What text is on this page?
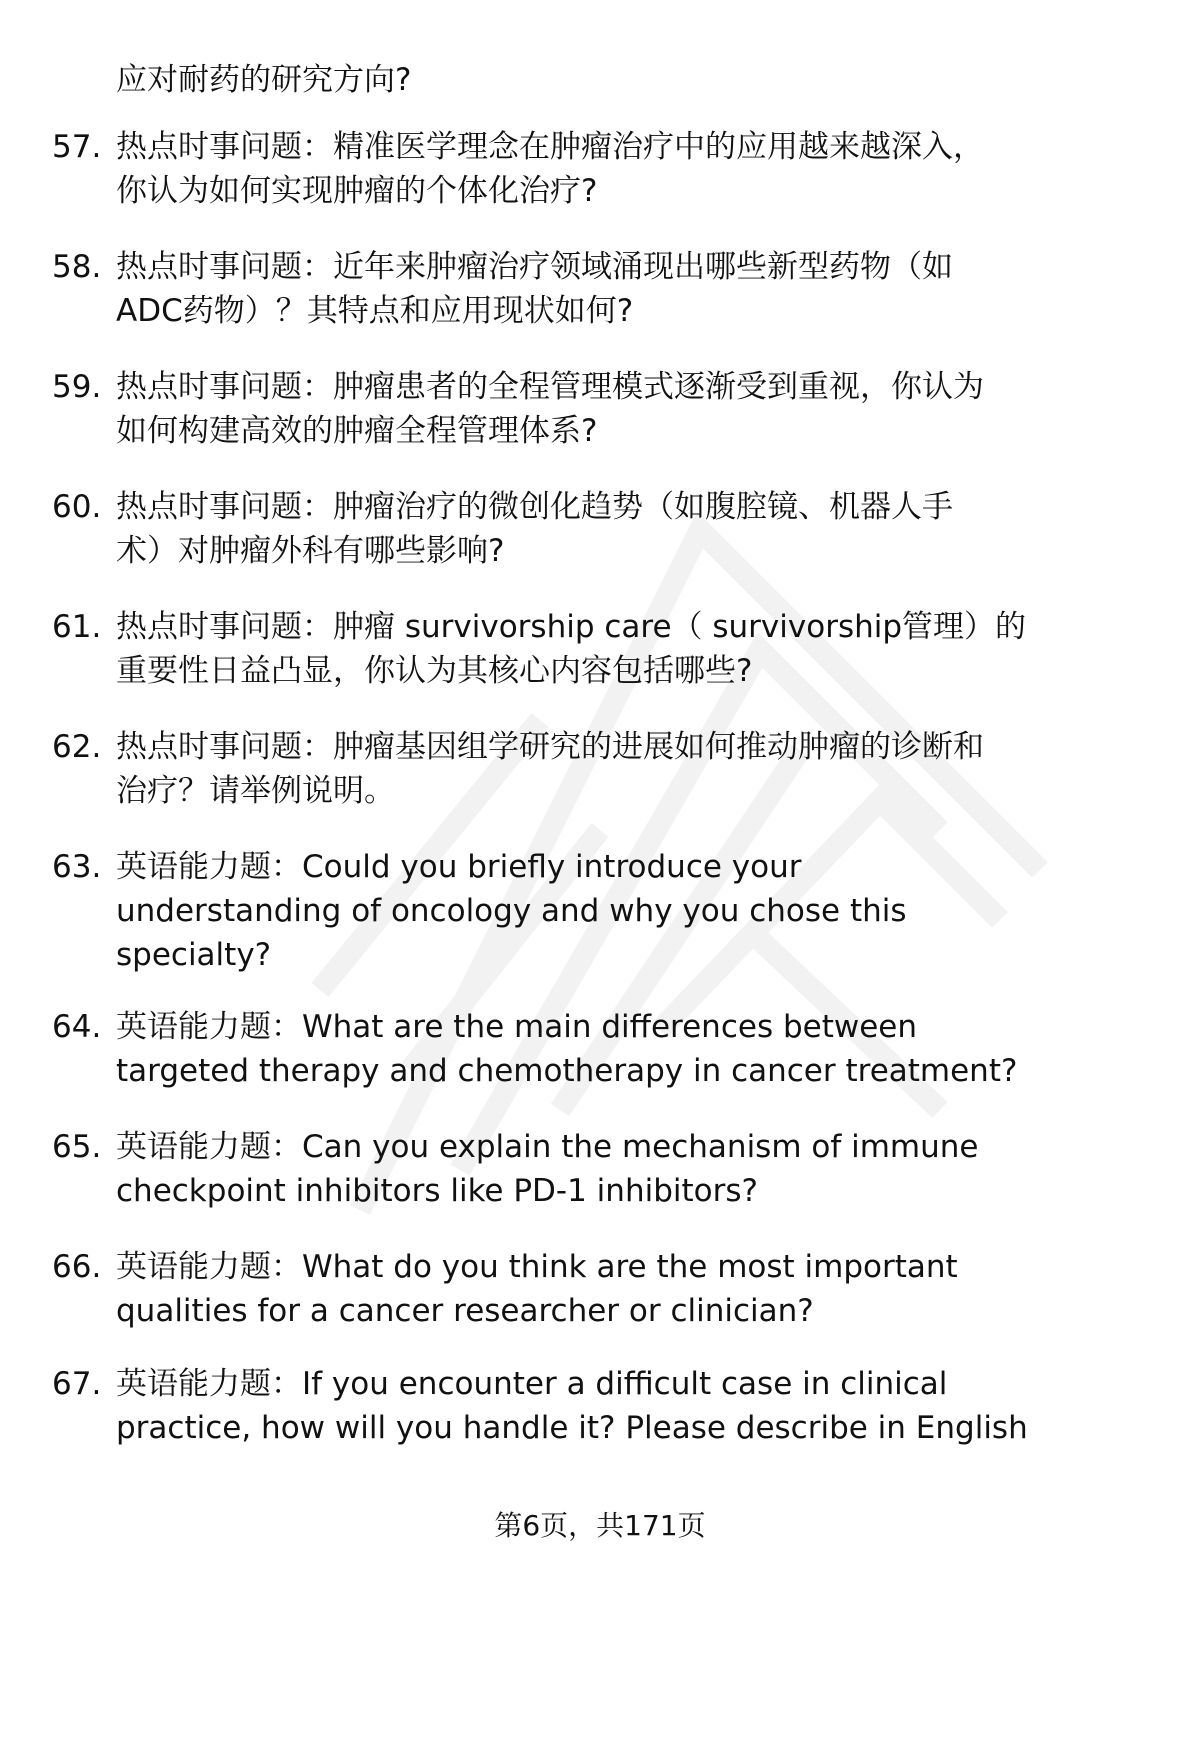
应对耐药的研究方向?
57. 热点时事问题：精准医学理念在肿瘤治疗中的应用越来越深入，
你认为如何实现肿瘤的个体化治疗?
58. 热点时事问题：近年来肿瘤治疗领域涌现出哪些新型药物（如
ADC药物）？其特点和应用现状如何?
59. 热点时事问题：肿瘤患者的全程管理模式逐渐受到重视，你认为
如何构建高效的肿瘤全程管理体系?
60. 热点时事问题：肿瘤治疗的微创化趋势（如腹腔镜、机器人手
术）对肿瘤外科有哪些影响?
61. 热点时事问题：肿瘤 survivorship care（ survivorship管理）的
重要性日益凸显，你认为其核心内容包括哪些?
62. 热点时事问题：肿瘤基因组学研究的进展如何推动肿瘤的诊断和
治疗？请举例说明。
63. 英语能力题：Could you briefly introduce your
understanding of oncology and why you chose this
specialty?
64. 英语能力题：What are the main differences between
targeted therapy and chemotherapy in cancer treatment?
65. 英语能力题：Can you explain the mechanism of immune
checkpoint inhibitors like PD-1 inhibitors?
66. 英语能力题：What do you think are the most important
qualities for a cancer researcher or clinician?
67. 英语能力题：If you encounter a difficult case in clinical
practice, how will you handle it? Please describe in English
第6页，共171页
